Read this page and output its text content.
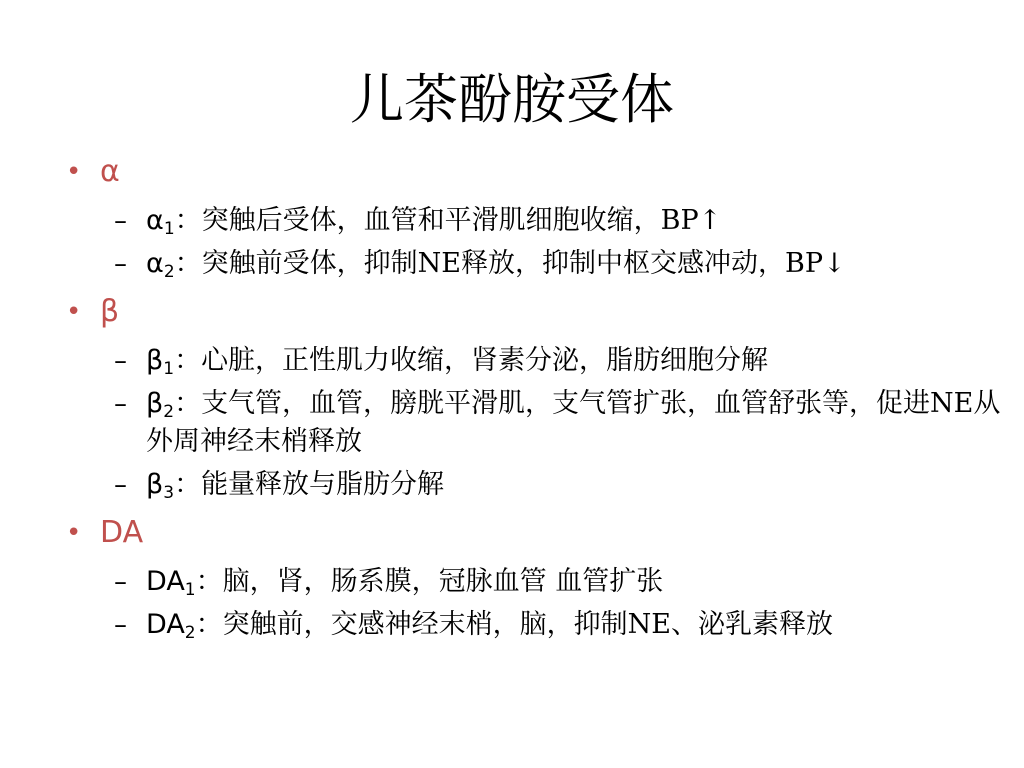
儿茶酚胺受体
• α
– $\alpha_1$：突触后受体，血管和平滑肌细胞收缩，BP↑
– $\alpha_2$：突触前受体，抑制NE释放，抑制中枢交感冲动，BP↓
• β
– $\beta_1$：心脏，正性肌力收缩，肾素分泌，脂肪细胞分解
– $\beta_2$：支气管，血管，膀胱平滑肌，支气管扩张，血管舒张等，促进NE从外周神经末梢释放
– $\beta_3$：能量释放与脂肪分解
• DA
– $DA_1$：脑，肾，肠系膜，冠脉血管 血管扩张
– $DA_2$：突触前，交感神经末梢，脑，抑制NE、泌乳素释放
